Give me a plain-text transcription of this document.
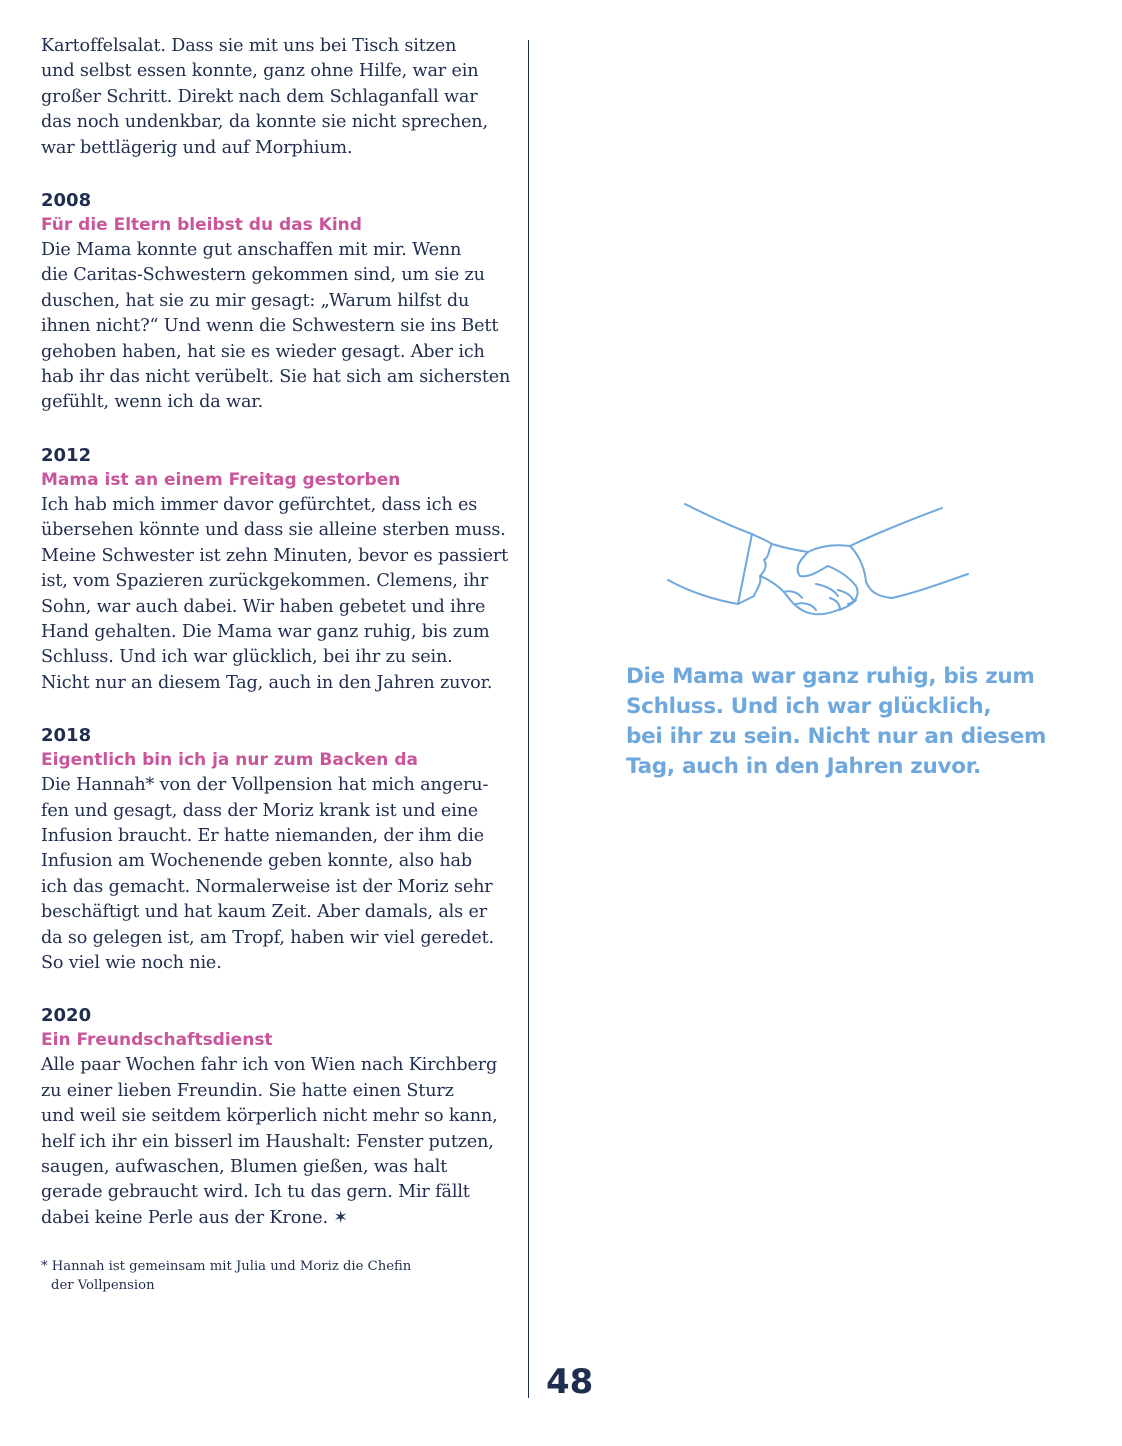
Kartoffelsalat. Dass sie mit uns bei Tisch sitzen
und selbst essen konnte, ganz ohne Hilfe, war ein
großer Schritt. Direkt nach dem Schlaganfall war
das noch undenkbar, da konnte sie nicht sprechen,
war bettlägerig und auf Morphium.

2008
Für die Eltern bleibst du das Kind

Die Mama konnte gut anschaffen mit mir. Wenn
die Caritas-Schwestern gekommen sind, um sie zu
duschen, hat sie zu mir gesagt: „Warum hilfst du
ihnen nicht?“ Und wenn die Schwestern sie ins Bett
gehoben haben, hat sie es wieder gesagt. Aber ich
hab ihr das nicht verübelt. Sie hat sich am sichersten
gefühlt, wenn ich da war.

2012
Mama ist an einem Freitag gestorben

Ich hab mich immer davor gefürchtet, dass ich es
übersehen könnte und dass sie alleine sterben muss.
Meine Schwester ist zehn Minuten, bevor es passiert
ist, vom Spazieren zurückgekommen. Clemens, ihr
Sohn, war auch dabei. Wir haben gebetet und ihre
Hand gehalten. Die Mama war ganz ruhig, bis zum
Schluss. Und ich war glücklich, bei ihr zu sein.
Nicht nur an diesem Tag, auch in den Jahren zuvor.

2018
Eigentlich bin ich ja nur zum Backen da

Die Hannah* von der Vollpension hat mich angeru-
fen und gesagt, dass der Moriz krank ist und eine
Infusion braucht. Er hatte niemanden, der ihm die
Infusion am Wochenende geben konnte, also hab
ich das gemacht. Normalerweise ist der Moriz sehr
beschäftigt und hat kaum Zeit. Aber damals, als er
da so gelegen ist, am Tropf, haben wir viel geredet.
So viel wie noch nie.

2020
Ein Freundschaftsdienst

Alle paar Wochen fahr ich von Wien nach Kirchberg
zu einer lieben Freundin. Sie hatte einen Sturz
und weil sie seitdem körperlich nicht mehr so kann,
helf ich ihr ein bisserl im Haushalt: Fenster putzen,
saugen, aufwaschen, Blumen gießen, was halt
gerade gebraucht wird. Ich tu das gern. Mir fällt
dabei keine Perle aus der Krone. ✶

* Hannah ist gemeinsam mit Julia und Moriz die Chefin
der Vollpension
48
Die Mama war ganz ruhig, bis zum
Schluss. Und ich war glücklich,
bei ihr zu sein. Nicht nur an diesem
Tag, auch in den Jahren zuvor.
